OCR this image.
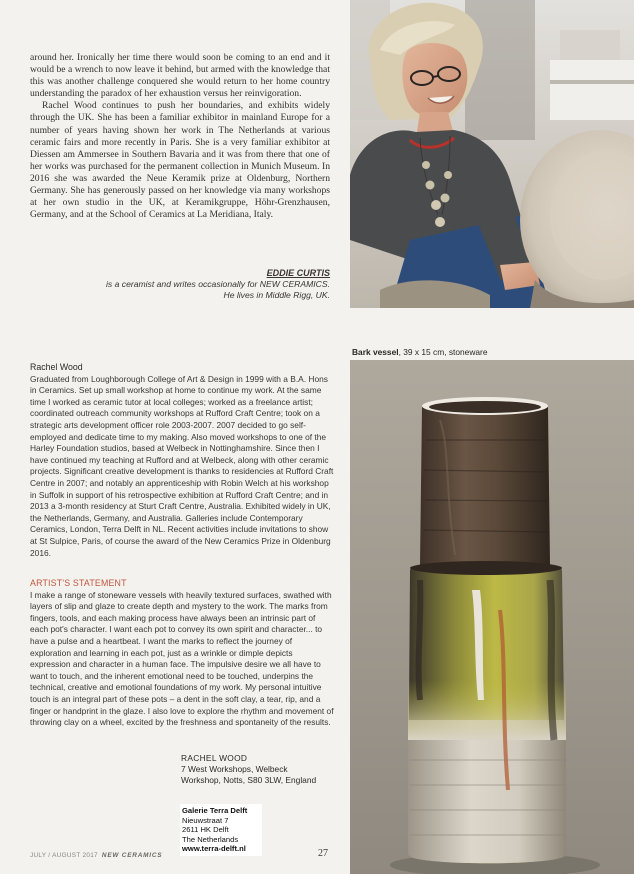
around her. Ironically her time there would soon be coming to an end and it would be a wrench to now leave it behind, but armed with the knowledge that this was another challenge conquered she would return to her home country understanding the paradox of her exhaustion versus her reinvigoration.

Rachel Wood continues to push her boundaries, and exhibits widely through the UK. She has been a familiar exhibitor in mainland Europe for a number of years having shown her work in The Netherlands at various ceramic fairs and more recently in Paris. She is a very familiar exhibitor at Diessen am Ammersee in Southern Bavaria and it was from there that one of her works was purchased for the permanent collection in Munich Museum. In 2016 she was awarded the Neue Keramik prize at Oldenburg, Northern Germany. She has generously passed on her knowledge via many workshops at her own studio in the UK, at Keramikgruppe, Höhr-Grenzhausen, Germany, and at the School of Ceramics at La Meridiana, Italy.

EDDIE CURTIS
is a ceramist and writes occasionally for NEW CERAMICS.
He lives in Middle Rigg, UK.
Rachel Wood

Graduated from Loughborough College of Art & Design in 1999 with a B.A. Hons in Ceramics. Set up small workshop at home to continue my work. At the same time I worked as ceramic tutor at local colleges; worked as a freelance artist; coordinated outreach community workshops at Rufford Craft Centre; took on a strategic arts development officer role 2003-2007. 2007 decided to go self-employed and dedicate time to my making. Also moved workshops to one of the Harley Foundation studios, based at Welbeck in Nottinghamshire. Since then I have continued my teaching at Rufford and at Welbeck, along with other ceramic projects. Significant creative development is thanks to residencies at Rufford Craft Centre in 2007; and notably an apprenticeship with Robin Welch at his workshop in Suffolk in support of his retrospective exhibition at Rufford Craft Centre; and in 2013 a 3-month residency at Sturt Craft Centre, Australia. Exhibited widely in UK, the Netherlands, Germany, and Australia. Galleries include Contemporary Ceramics, London, Terra Delft in NL. Recent activities include invitations to show at St Sulpice, Paris, of course the award of the New Ceramics Prize in Oldenburg 2016.

ARTIST'S STATEMENT

I make a range of stoneware vessels with heavily textured surfaces, swathed with layers of slip and glaze to create depth and mystery to the work. The marks from fingers, tools, and each making process have always been an intrinsic part of each pot's character. I want each pot to convey its own spirit and character... to have a pulse and a heartbeat. I want the marks to reflect the journey of exploration and learning in each pot, just as a wrinkle or dimple depicts expression and character in a human face. The impulsive desire we all have to want to touch, and the inherent emotional need to be touched, underpins the technical, creative and emotional foundations of my work. My personal intuitive touch is an integral part of these pots – a dent in the soft clay, a tear, rip, and a finger or handprint in the glaze. I also love to explore the rhythm and movement of throwing clay on a wheel, excited by the freshness and spontaneity of the results.

RACHEL WOOD
7 West Workshops, Welbeck
Workshop, Notts, S80 3LW, England
Galerie Terra Delft
Nieuwstraat 7
2611 HK Delft
The Netherlands
www.terra-delft.nl
JULY / AUGUST 2017 NEW CERAMICS	27
Bark vessel, 39 x 15 cm, stoneware
